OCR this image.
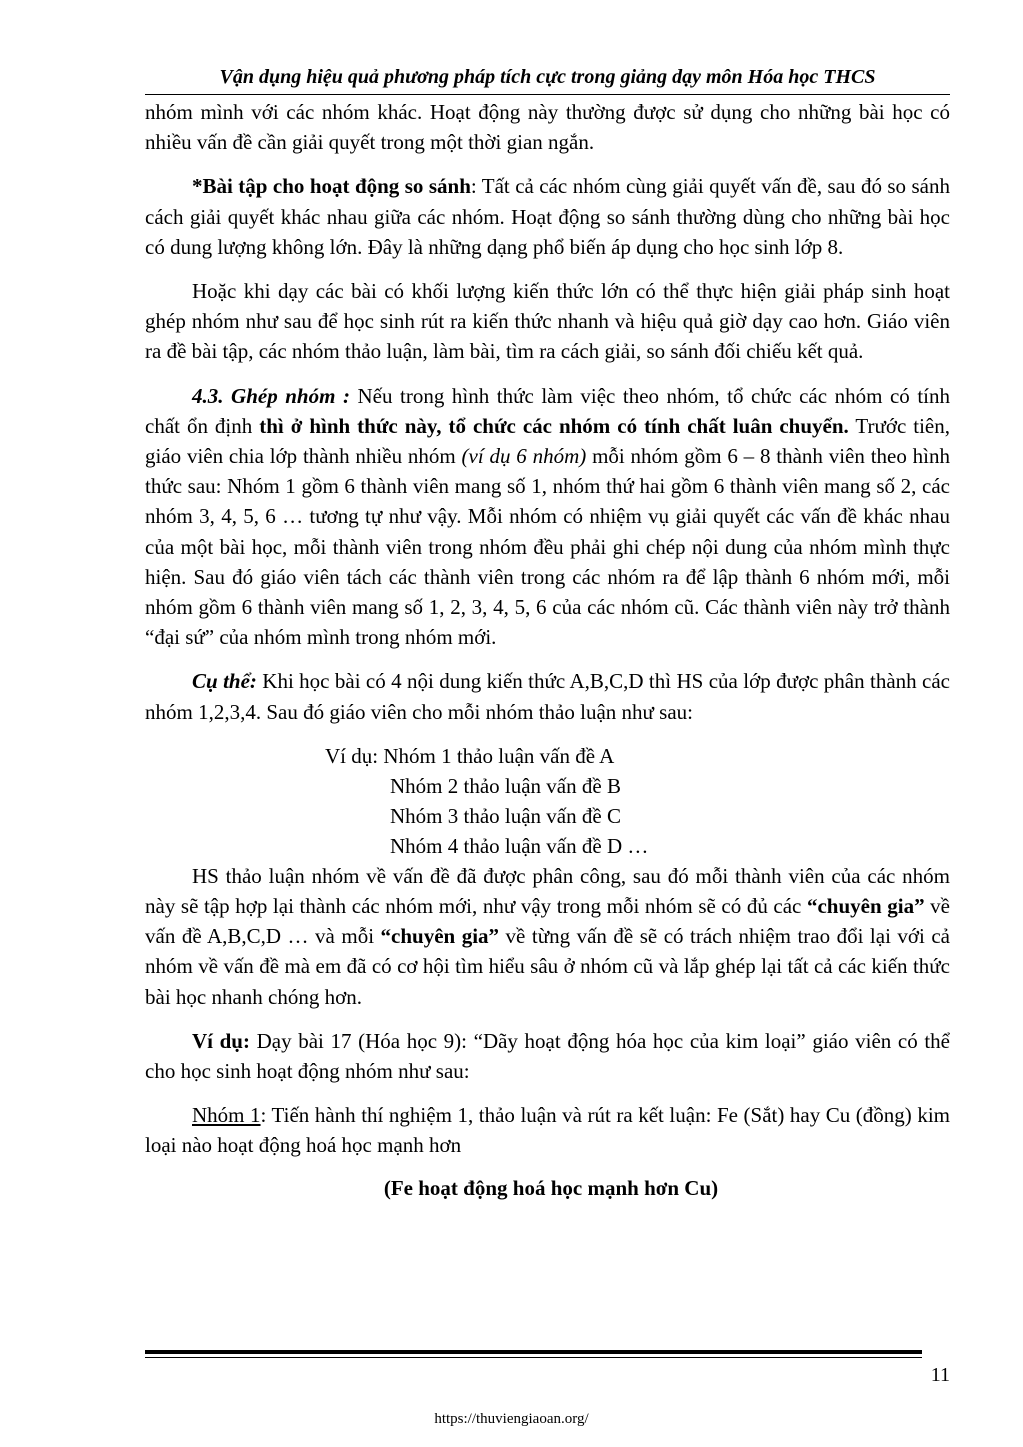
Vận dụng hiệu quả phương pháp tích cực trong giảng dạy môn Hóa học THCS

nhóm mình với các nhóm khác. Hoạt động này thường được sử dụng cho những bài học có nhiều vấn đề cần giải quyết trong một thời gian ngắn.

*Bài tập cho hoạt động so sánh: Tất cả các nhóm cùng giải quyết vấn đề, sau đó so sánh cách giải quyết khác nhau giữa các nhóm. Hoạt động so sánh thường dùng cho những bài học có dung lượng không lớn. Đây là những dạng phổ biến áp dụng cho học sinh lớp 8.

Hoặc khi dạy các bài có khối lượng kiến thức lớn có thể thực hiện giải pháp sinh hoạt ghép nhóm như sau để học sinh rút ra kiến thức nhanh và hiệu quả giờ dạy cao hơn. Giáo viên ra đề bài tập, các nhóm thảo luận, làm bài, tìm ra cách giải, so sánh đối chiếu kết quả.

4.3. Ghép nhóm : Nếu trong hình thức làm việc theo nhóm, tổ chức các nhóm có tính chất ổn định thì ở hình thức này, tổ chức các nhóm có tính chất luân chuyển. Trước tiên, giáo viên chia lớp thành nhiều nhóm (ví dụ 6 nhóm) mỗi nhóm gồm 6 – 8 thành viên theo hình thức sau: Nhóm 1 gồm 6 thành viên mang số 1, nhóm thứ hai gồm 6 thành viên mang số 2, các nhóm 3, 4, 5, 6 … tương tự như vậy. Mỗi nhóm có nhiệm vụ giải quyết các vấn đề khác nhau của một bài học, mỗi thành viên trong nhóm đều phải ghi chép nội dung của nhóm mình thực hiện. Sau đó giáo viên tách các thành viên trong các nhóm ra để lập thành 6 nhóm mới, mỗi nhóm gồm 6 thành viên mang số 1, 2, 3, 4, 5, 6 của các nhóm cũ. Các thành viên này trở thành “đại sứ” của nhóm mình trong nhóm mới.

Cụ thể: Khi học bài có 4 nội dung kiến thức A,B,C,D thì HS của lớp được phân thành các nhóm 1,2,3,4. Sau đó giáo viên cho mỗi nhóm thảo luận như sau:

Ví dụ: Nhóm 1 thảo luận vấn đề A

Nhóm 2 thảo luận vấn đề B

Nhóm 3 thảo luận vấn đề C

Nhóm 4 thảo luận vấn đề D …

HS thảo luận nhóm về vấn đề đã được phân công, sau đó mỗi thành viên của các nhóm này sẽ tập hợp lại thành các nhóm mới, như vậy trong mỗi nhóm sẽ có đủ các “chuyên gia” về vấn đề A,B,C,D … và mỗi “chuyên gia” về từng vấn đề sẽ có trách nhiệm trao đổi lại với cả nhóm về vấn đề mà em đã có cơ hội tìm hiểu sâu ở nhóm cũ và lắp ghép lại tất cả các kiến thức bài học nhanh chóng hơn.

Ví dụ: Dạy bài 17 (Hóa học 9): “Dãy hoạt động hóa học của kim loại” giáo viên có thể cho học sinh hoạt động nhóm như sau:

Nhóm 1: Tiến hành thí nghiệm 1, thảo luận và rút ra kết luận: Fe (Sắt) hay Cu (đồng) kim loại nào hoạt động hoá học mạnh hơn

(Fe hoạt động hoá học mạnh hơn Cu)

11
https://thuviengiaoan.org/
